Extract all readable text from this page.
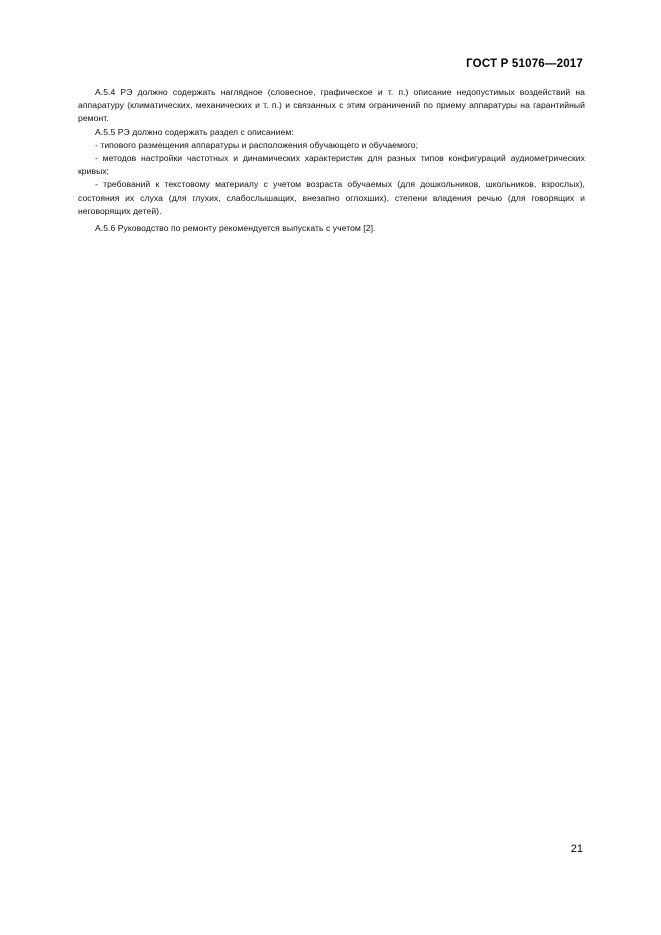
ГОСТ Р 51076—2017

А.5.4 РЭ должно содержать наглядное (словесное, графическое и т. п.) описание недопустимых воздействий на аппаратуру (климатических, механических и т. п.) и связанных с этим ограничений по приему аппаратуры на гарантийный ремонт.

А.5.5 РЭ должно содержать раздел с описанием:

- типового размещения аппаратуры и расположения обучающего и обучаемого;

- методов настройки частотных и динамических характеристик для разных типов конфигураций аудиометрических кривых;

- требований к текстовому материалу с учетом возраста обучаемых (для дошкольников, школьников, взрослых), состояния их слуха (для глухих, слабослышащих, внезапно оглохших), степени владения речью (для говорящих и неговорящих детей).

А.5.6 Руководство по ремонту рекомендуется выпускать с учетом [2].

21
